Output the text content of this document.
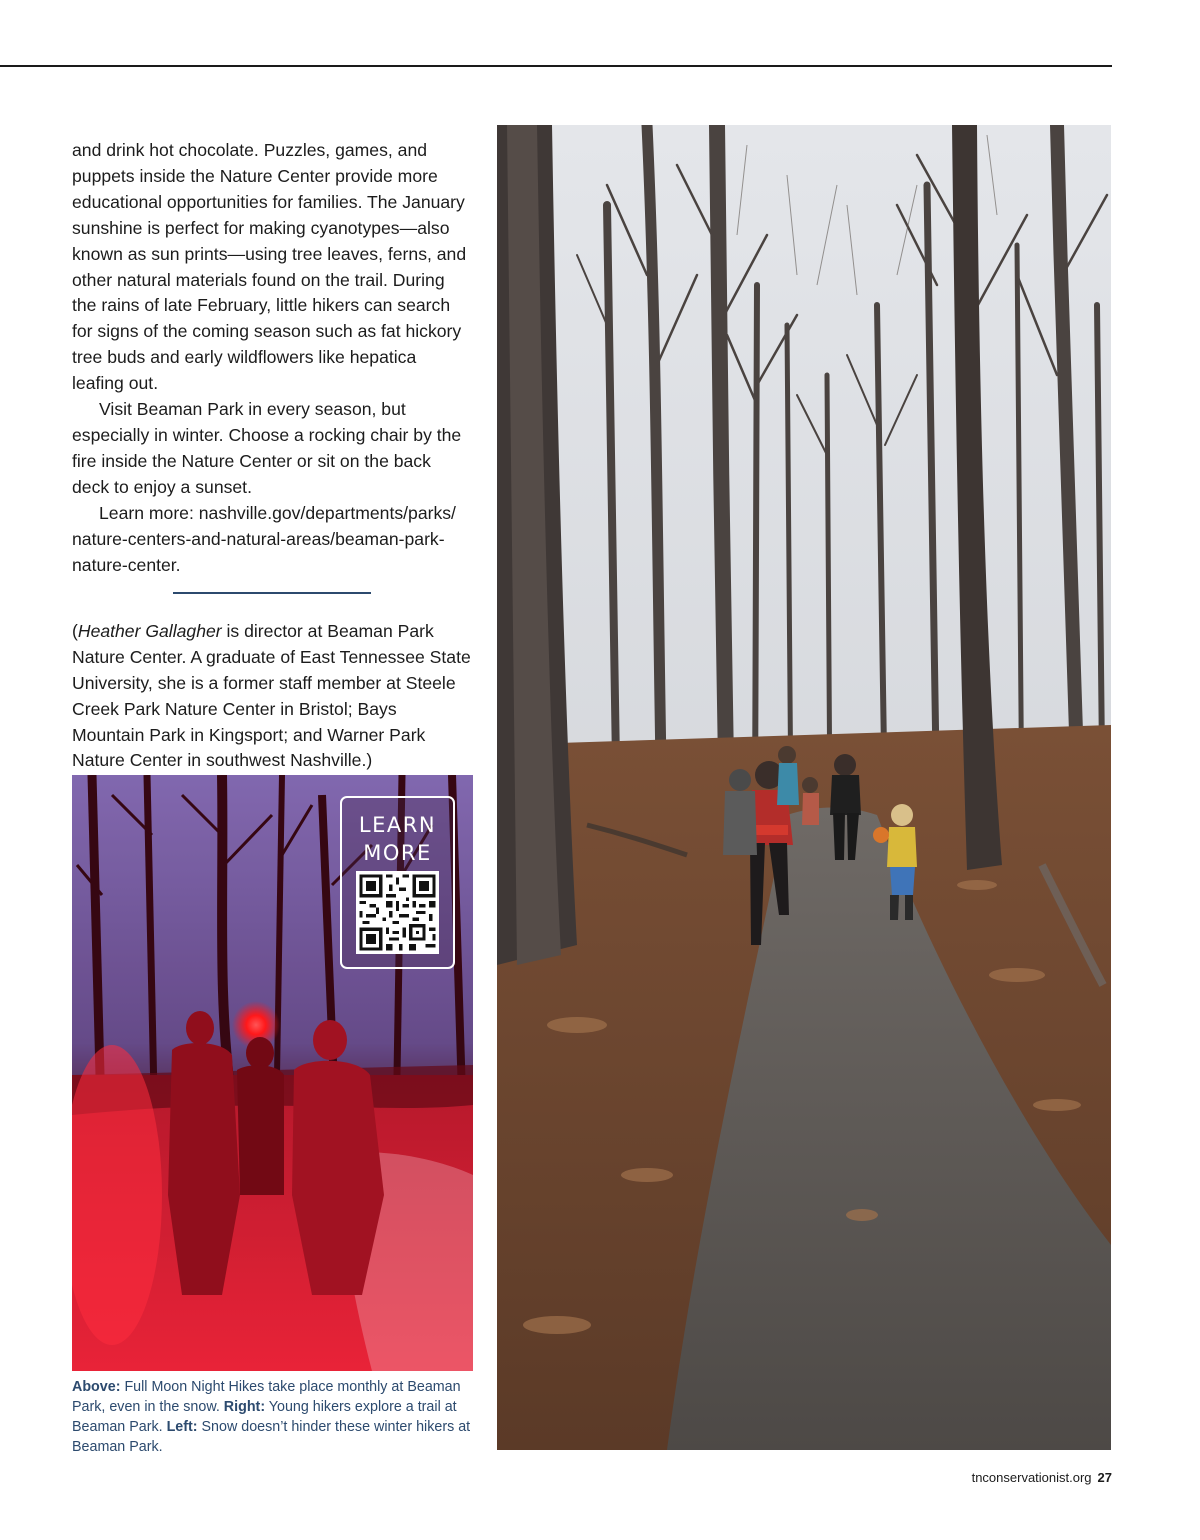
and drink hot chocolate. Puzzles, games, and puppets inside the Nature Center provide more educational opportunities for families. The January sunshine is perfect for making cyanotypes—also known as sun prints—using tree leaves, ferns, and other natural materials found on the trail. During the rains of late February, little hikers can search for signs of the coming season such as fat hickory tree buds and early wildflowers like hepatica leafing out.

Visit Beaman Park in every season, but especially in winter. Choose a rocking chair by the fire inside the Nature Center or sit on the back deck to enjoy a sunset.

Learn more: nashville.gov/departments/parks/ nature-centers-and-natural-areas/beaman-park-nature-center.

(Heather Gallagher is director at Beaman Park Nature Center. A graduate of East Tennessee State University, she is a former staff member at Steele Creek Park Nature Center in Bristol; Bays Mountain Park in Kingsport; and Warner Park Nature Center in southwest Nashville.)

LEARN
MORE
Above: Full Moon Night Hikes take place monthly at Beaman Park, even in the snow. Right: Young hikers explore a trail at Beaman Park. Left: Snow doesn’t hinder these winter hikers at Beaman Park.
tnconservationist.org 27
